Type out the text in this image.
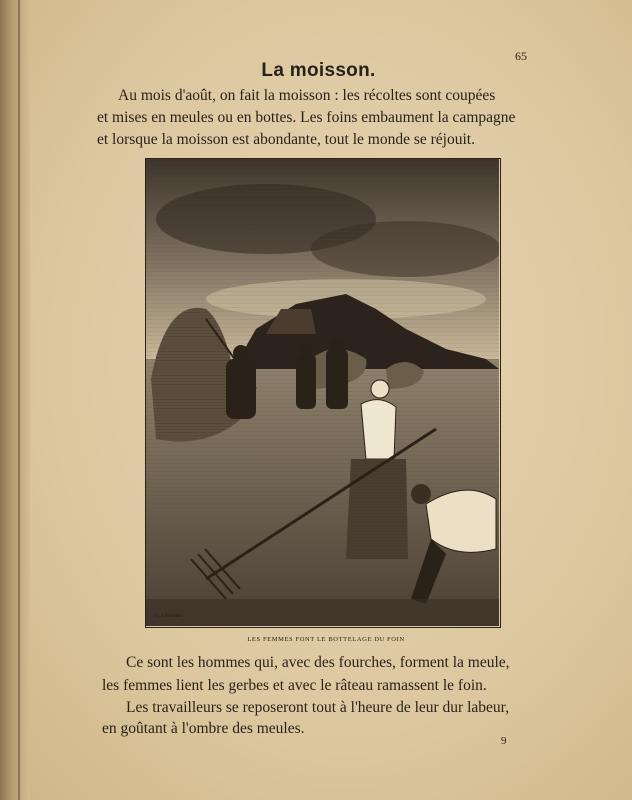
65
La moisson.
Au mois d'août, on fait la moisson : les récoltes sont coupées
et mises en meules ou en bottes. Les foins embaument la campagne
et lorsque la moisson est abondante, tout le monde se réjouit.
G. Lhomme
LES FEMMES FONT LE BOTTELAGE DU FOIN
Ce sont les hommes qui, avec des fourches, forment la meule,
les femmes lient les gerbes et avec le râteau ramassent le foin.
Les travailleurs se reposeront tout à l'heure de leur dur labeur,
en goûtant à l'ombre des meules.
9
